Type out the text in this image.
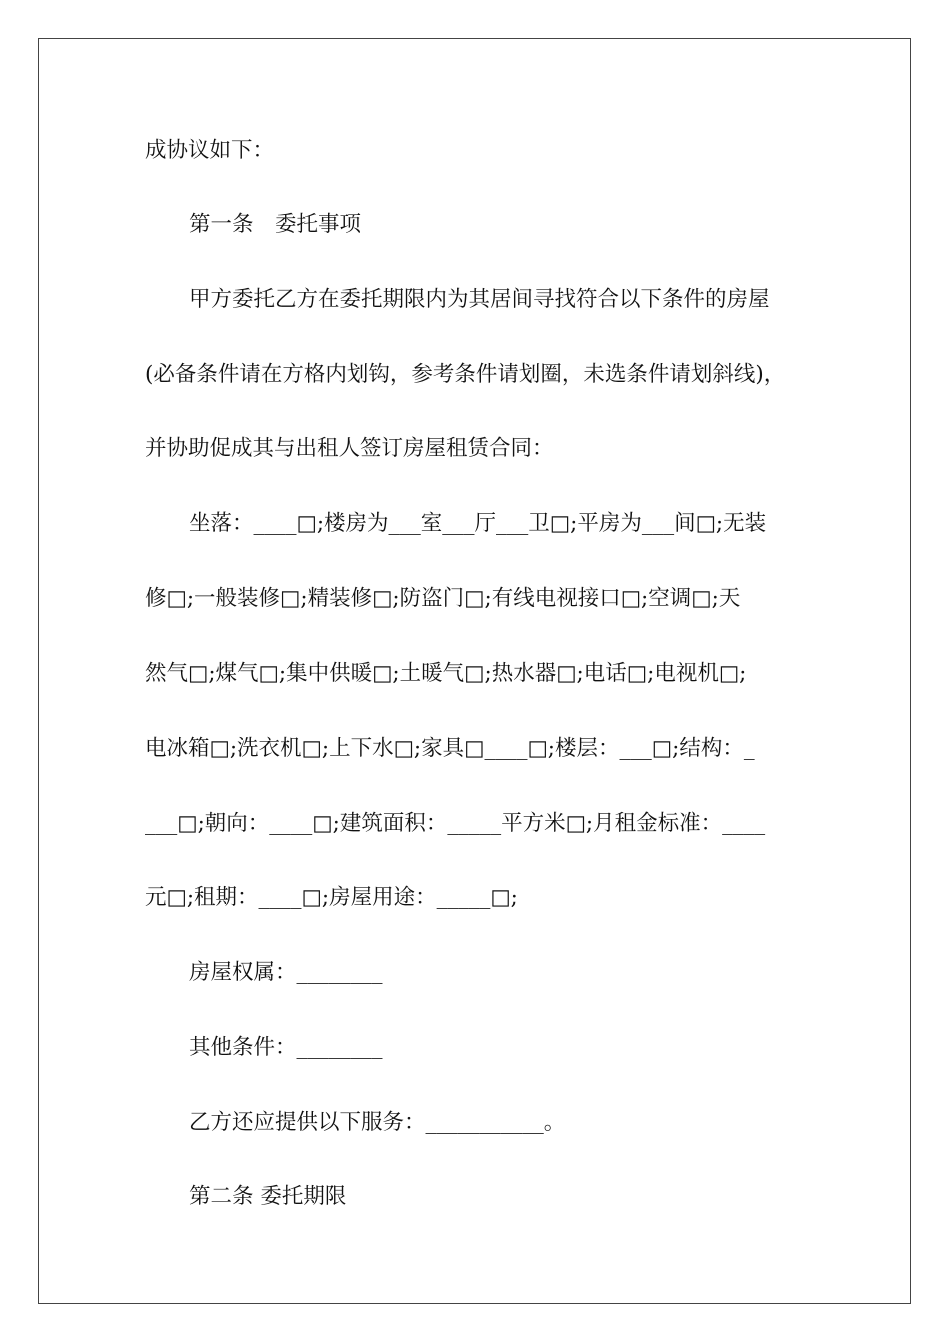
成协议如下：
第一条　委托事项
甲方委托乙方在委托期限内为其居间寻找符合以下条件的房屋
(必备条件请在方格内划钩，参考条件请划圈，未选条件请划斜线)，
并协助促成其与出租人签订房屋租赁合同：
坐落：____□;楼房为___室___厅___卫□;平房为___间□;无装
修□;一般装修□;精装修□;防盗门□;有线电视接口□;空调□;天
然气□;煤气□;集中供暖□;土暖气□;热水器□;电话□;电视机□;
电冰箱□;洗衣机□;上下水□;家具□____□;楼层：___□;结构：_
___□;朝向：____□;建筑面积：_____平方米□;月租金标准：____
元□;租期：____□;房屋用途：_____□;
房屋权属：________
其他条件：________
乙方还应提供以下服务：___________。
第二条 委托期限
